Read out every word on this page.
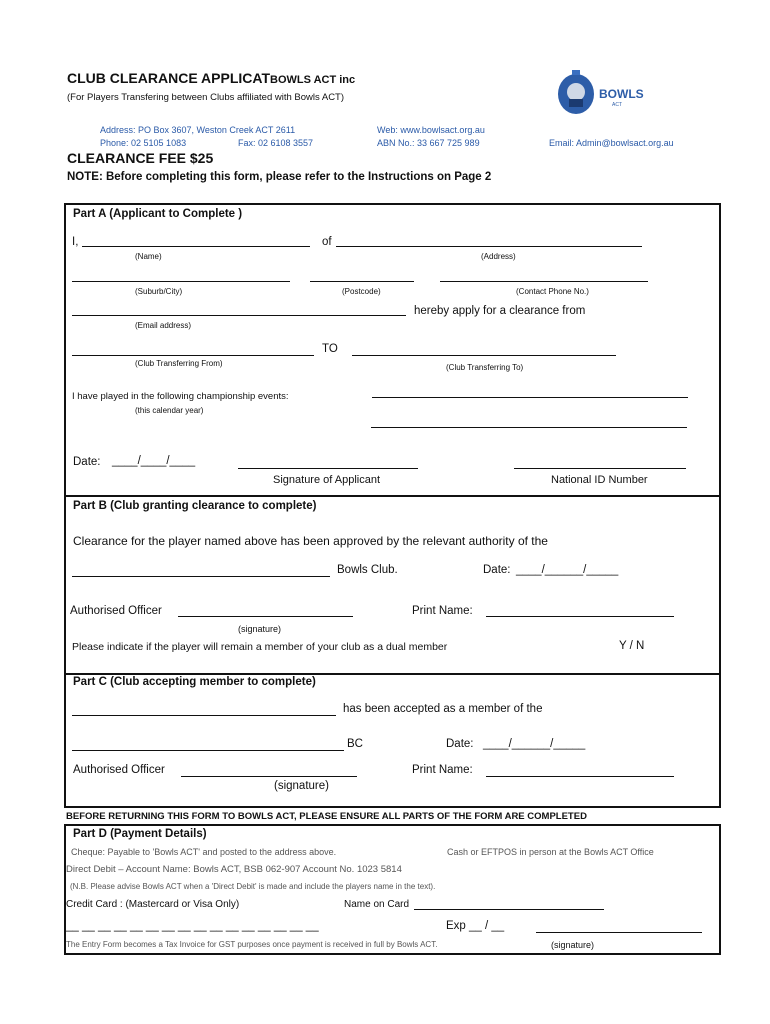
CLUB CLEARANCE APPLICATBOWLS ACT inc
(For Players Transfering between Clubs affiliated with Bowls ACT)	BOWLS
ACT
Address: PO Box 3607, Weston Creek ACT 2611
Phone: 02 5105 1083	Fax: 02 6108 3557
Web: www.bowlsact.org.au
ABN No.: 33 667 725 989	Email: Admin@bowlsact.org.au
CLEARANCE FEE $25
NOTE: Before completing this form, please refer to the Instructions on Page 2
Part A (Applicant to Complete )
I,	of
(Name)	(Address)
(Suburb/City)	(Postcode)	(Contact Phone No.)
hereby apply for a clearance from
(Email address)
TO
(Club Transferring From)	(Club Transferring To)
I have played in the following championship events:
(this calendar year)
Date: ____/____/____
Signature of Applicant	National ID Number
Part B (Club granting clearance to complete)
Clearance for the player named above has been approved by the relevant authority of the
Bowls Club.	Date: ____/______/_____
Authorised Officer
(signature)
Print Name:
Please indicate if the player will remain a member of your club as a dual member	Y / N
Part C (Club accepting member to complete)
has been accepted as a member of the
BC	Date: ____/______/_____
Authorised Officer
(signature)
Print Name:
BEFORE RETURNING THIS FORM TO BOWLS ACT, PLEASE ENSURE ALL PARTS OF THE FORM ARE COMPLETED
Part D (Payment Details)
Cheque: Payable to 'Bowls ACT' and posted to the address above.	Cash or EFTPOS in person at the Bowls ACT Office
Direct Debit – Account Name: Bowls ACT, BSB 062-907 Account No. 1023 5814
(N.B. Please advise Bowls ACT when a 'Direct Debit' is made and include the players name in the text).
Credit Card : (Mastercard or Visa Only)	Name on Card
__ __ __ __ __ __ __ __ __ __ __ __ __ __ __ __	Exp __ / __
The Entry Form becomes a Tax Invoice for GST purposes once payment is received in full by Bowls ACT.	(signature)
